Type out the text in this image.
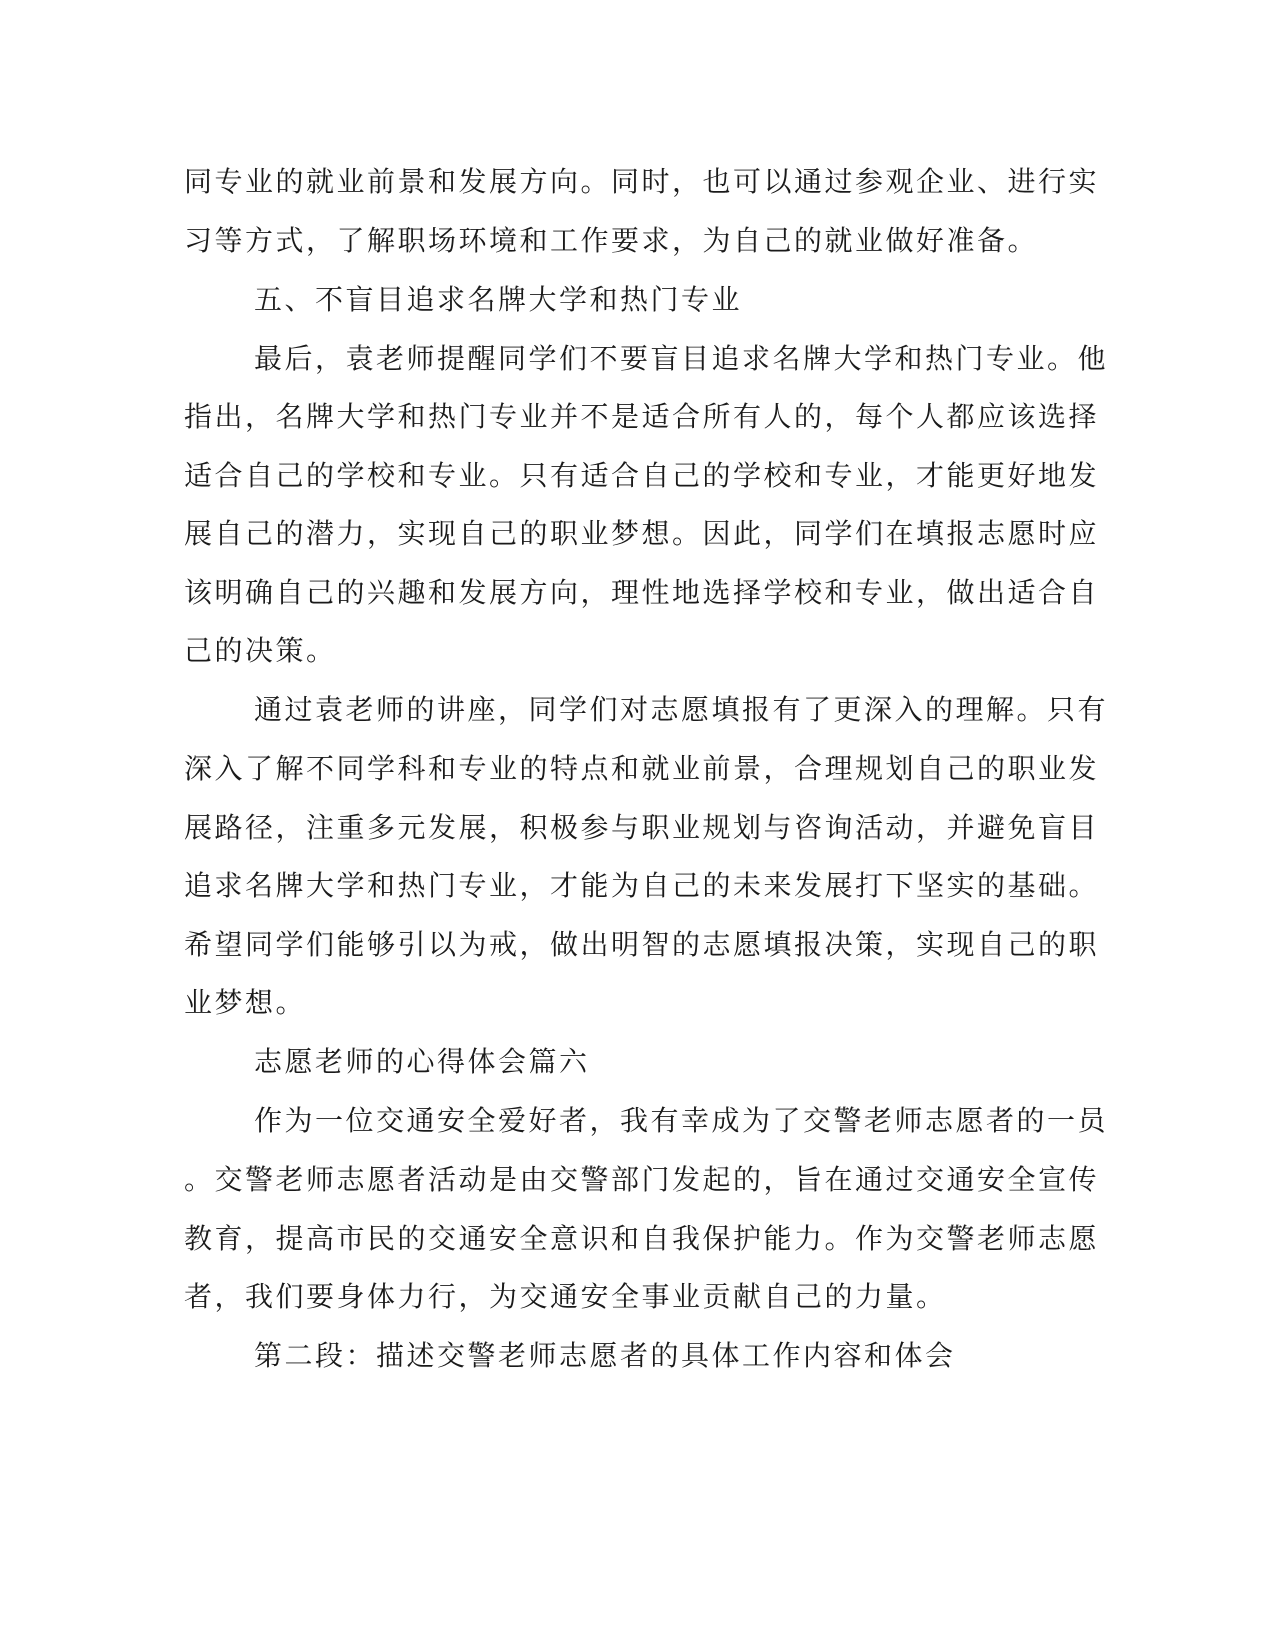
同专业的就业前景和发展方向。同时，也可以通过参观企业、进行实
习等方式，了解职场环境和工作要求，为自己的就业做好准备。
五、不盲目追求名牌大学和热门专业
最后，袁老师提醒同学们不要盲目追求名牌大学和热门专业。他
指出，名牌大学和热门专业并不是适合所有人的，每个人都应该选择
适合自己的学校和专业。只有适合自己的学校和专业，才能更好地发
展自己的潜力，实现自己的职业梦想。因此，同学们在填报志愿时应
该明确自己的兴趣和发展方向，理性地选择学校和专业，做出适合自
己的决策。
通过袁老师的讲座，同学们对志愿填报有了更深入的理解。只有
深入了解不同学科和专业的特点和就业前景，合理规划自己的职业发
展路径，注重多元发展，积极参与职业规划与咨询活动，并避免盲目
追求名牌大学和热门专业，才能为自己的未来发展打下坚实的基础。
希望同学们能够引以为戒，做出明智的志愿填报决策，实现自己的职
业梦想。
志愿老师的心得体会篇六
作为一位交通安全爱好者，我有幸成为了交警老师志愿者的一员
。交警老师志愿者活动是由交警部门发起的，旨在通过交通安全宣传
教育，提高市民的交通安全意识和自我保护能力。作为交警老师志愿
者，我们要身体力行，为交通安全事业贡献自己的力量。
第二段：描述交警老师志愿者的具体工作内容和体会
